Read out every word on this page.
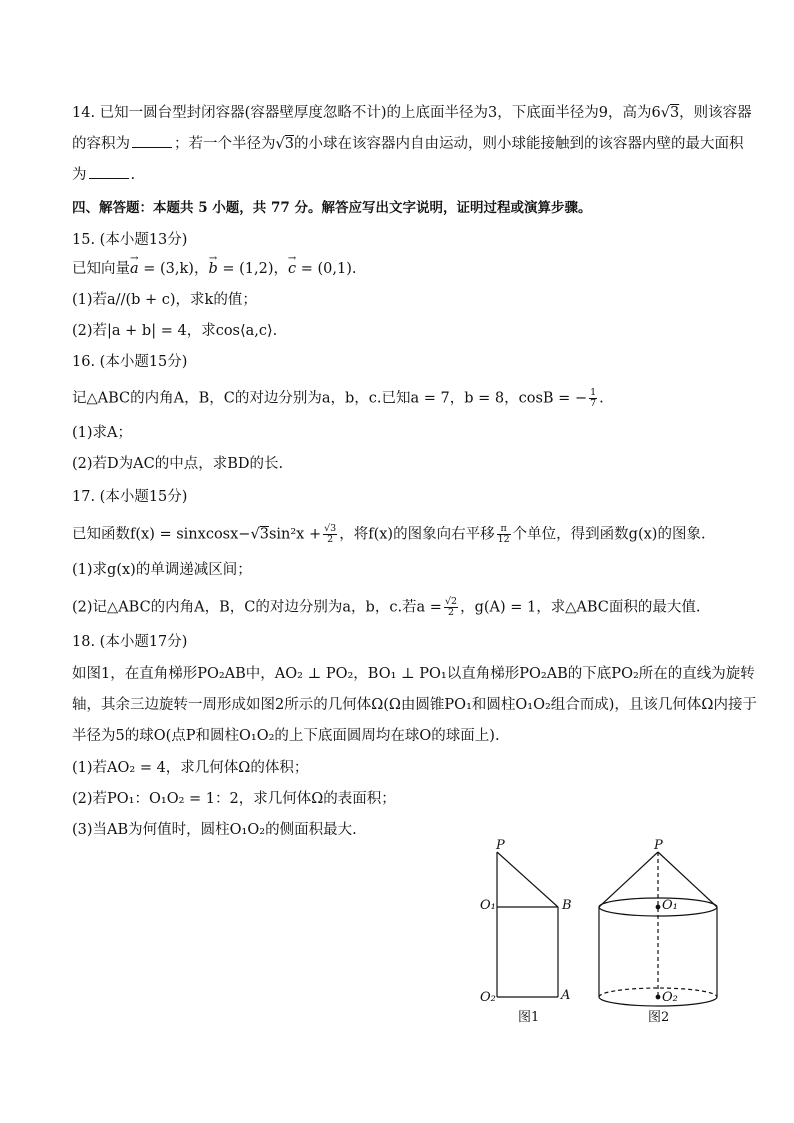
14. 已知一圆台型封闭容器(容器壁厚度忽略不计)的上底面半径为3，下底面半径为9，高为6√3，则该容器
的容积为	；若一个半径为√3的小球在该容器内自由运动，则小球能接触到的该容器内壁的最大面积
为	.
四、解答题：本题共 5 小题，共 77 分。解答应写出文字说明，证明过程或演算步骤。
15. (本小题13分)
已知向量→ a = (3,k)，→ b = (1,2)，→ c = (0,1).
(1)若a//(b + c)，求k的值；
(2)若|a + b| = 4，求cos⟨a,c⟩.
16. (本小题15分)
记△ABC的内角A，B，C的对边分别为a，b，c.已知a = 7，b = 8，cosB = − $\frac{1}{7}$ .
(1)求A；
(2)若D为AC的中点，求BD的长.
17. (本小题15分)
已知函数f(x) = sinxcosx−√3sin²x + $\frac{√3}{2}$ ，将f(x)的图象向右平移 $\frac{\pi}{12}$ 个单位，得到函数g(x)的图象.
(1)求g(x)的单调递减区间；
(2)记△ABC的内角A，B，C的对边分别为a，b，c.若$a = \frac{√2}{2}$ ，g(A) = 1，求△ABC面积的最大值.
18. (本小题17分)
如图1，在直角梯形PO₂AB中，AO₂ ⊥ PO₂，BO₁ ⊥ PO₁以直角梯形PO₂AB的下底PO₂所在的直线为旋转
轴，其余三边旋转一周形成如图2所示的几何体Ω(Ω由圆锥PO₁和圆柱O₁O₂组合而成)，且该几何体Ω内接于
半径为5的球O(点P和圆柱O₁O₂的上下底面圆周均在球O的球面上).
(1)若AO₂ = 4，求几何体Ω的体积；
(2)若PO₁：O₁O₂ = 1：2，求几何体Ω的表面积；
(3)当AB为何值时，圆柱O₁O₂的侧面积最大.
P
O₁	B
O₂	A
图1
P
O₁
O₂
图2
